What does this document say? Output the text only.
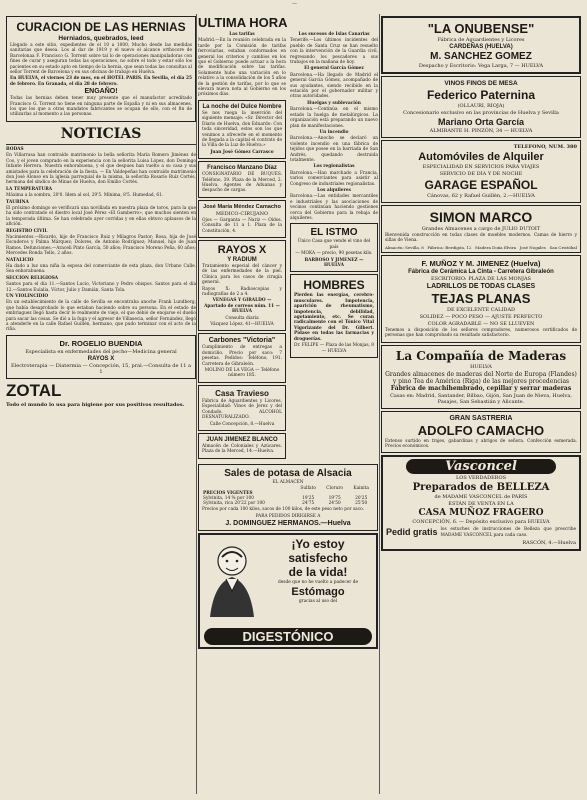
—
CURACION DE LAS HERNIAS
Herniados, quebrados, leed
Llegado a este sitio, expedientes de el 10 a 1000, Mucho desde las medidas sanitarias que desea. Los al dar de 1919 y el nuevo el alcance orthocore de Barcelonaa F. Francisco G. Torrent sobre tal lo de operaciones manipuladoras con fines de curar y aseguran todas las operaciones, no sobre el todo y estar sólo los pacientes en su estado apto en tiempo de la hernia, que sean todas las consultas al señor Torrent de Barcelona y en sus oficinas de trabajo en Huelva.
En HUELVA, el viernes 23 de mes, en el HOTEL PARIS. En Sevilla, el día 25 de febrero. En Granada, el día 28 de febrero.
ENGAÑO!
Todas las hernias deben tener muy presente que el manufactor acreditado Francisco G. Torrent no tiene en ninguna parte de España y ni en sus almacenes, los que los que a otras mandatos fabricantes se ocupan de ello, con el fin de utilizarlas al momento a las personas.
NOTICIAS
BODAS
En Villarrasa han contraído matrimonio la bella señorita María Romero Jiménez de Cos, y el joven comprado en la experiencia con la señorita Luisa López, don Domingo Infante Herrera. Nuestra enhorabuena, y el que despues han vuelto a su casa y sus amistades para la celebración de la fiesta. — En Valdepeñas han contraído matrimonio don José Alonso en la iglesia parroquial de la misma, la señorita Rosario Ruiz Cortés, hermana del síndico de Minas de Huelva, don Emilio Cortés.
LA TEMPERATURA
Máxima a la sombra, 20'0. Idem al sol, 29'5. Mínima, 8'5. Humedad, 61.
TAURINA
El próximo domingo se verificará una novillada en nuestra plaza de toros, para la que ha sido contratado el diestro local José Pérez «El Gamberro», que muchos sienten en la temporada última. Se han celebrado ayer corridas y en ellas obtuvo aplausos de la afición.
REGISTRO CIVIL
Nacimientos.—Ricardo, hijo de Francisco Ruiz y Milagros Pastor; Rosa, hija de José Escuderos y Palma Márquez; Dolores, de Antonio Rodríguez; Manuel, hijo de Juan Ramos. Defunciones.—Araceli Pinto García, 50 años; Francisco Moreno Peña, 60 años; Mercedes Ronda Tello, 2 años.
NATALICIO
Ha dado a luz una niña la esposa del comerciante de esta plaza, don Urbano Calle. Sea enhorabuena.
SECCION RELIGIOSA
Santos para el día 11.—Santos Lucio, Victoriano y Pedro obispos. Santos para el día 12.—Santos Eulalia, Víctor, Julio y Damián, Santa Tola.
UN VIOLINCIDIO
En un establecimiento de la calle de Sevilla se encontraba anoche Frank Lundberg, que había desaprobado lo que estaban haciendo sobre su persona. En el estado de embriaguez llegó hasta decir le realmente de viejo, el que debió de enojarse el dueño para sacar las cosas. Se dió a la fuga y el agresor de Villasecia, señor Fernández, llegó a atenderle en la calle Rafael Guillén, hermano, que pudo terminar con el acto de la riña.
Dr. ROGELIO BUENDIA
Especialista en enfermedades del pecho—Medicina general
RAYOS X
Electroterapia — Diatermia — Concepción, 15, pral.—Consulta de 11 a 1
ZOTAL
Todo el mundo lo usa para higiene por sus positivos resultados.
ULTIMA HORA
Las tarifas
Madrid.—En la reunión celebrada en la tarde por la Comisión de tarifas ferroviarias, estaban conformados en general los criterios y cambios en los que el Gobierno puede actuar a la hora de modificación sobre las tarifas. Solamente hubo una variación en lo relativo a la consolidación de los 5 años de la gestión de tarifas, por lo que se elevará nueva nota al Gobierno en los próximos días.
La noche del Dulce Nombre
Se nos ruega la inserción del siguiente mensaje: «Sr. Director del Diario de Huelva, don Eduardo: Con toda sinceridad, estos son los que venimos a ofrecerle en el momento de llegada a la capital el contrato de la Villa de la Luz de Huelva.»
Juan José Gómez Carrasco
Francisco Manzano Díaz
CONSIGNATARIO DE BUQUES. Teléfono, 39. Plaza de la Merced, 2. Huelva. Agentes de Aduanas y despacho de cargas.
José María Méndez Camacho
MEDICO-CIRUJANO
Ojos — Garganta — Nariz — Oídos. Consulta de 11 a 1. Plaza de la Constitución, 4.
RAYOS X
Y RADIUM
Tratamiento especial del cáncer y de las enfermedades de la piel. Clínica para los casos de cirugía general.
Rayos X: Radioscopias y radiografías de 2 a 4.
VENEGAS Y GIRALDO — Apartado de correos núm. 11 — HUELVA
Consulta diaria
Vázquez López, 41—HUELVA
Carbones "Victoria"
Cumplimiento de entregas a domicilio. Precio por saco: 7 pesetas. Pedidos: Teléfono, 191. Carretera de Gibraleón.
MOLINO DE LA VEGA — Teléfono número 185.
Casa Travieso
Fábrica de Aguardientes y Licores. Especialidad: Vinos de Jerez y del Condado. ALCOHOL DESNATURALIZADO.
Calle Concepción, 8.—Huelva
JUAN JIMENEZ BLANCO
Almacén de Coloniales y Azúcares. Plaza de la Merced, 14.—Huelva.
Los sucesos de Islas Canarias
Tenerife.—Los últimos incidentes del pueblo de Santa Cruz se han resuelto con la intervención de la Guardia civil, regresando los pescadores a sus trabajos en la mañana de hoy.
El general García Gómez
Barcelona.—Ha llegado de Madrid el general García Gómez, acompañado de sus ayudantes, siendo recibido en la estación por el gobernador militar y otras autoridades.
Huelgas y sublevación
Barcelona.—Continúa en el mismo estado la huelga de metalúrgicos. La organización está preparando un nuevo plan de manifestaciones.
Un incendio
Barcelona.—Anoche se declaró un violento incendio en una fábrica de tejidos que posee en la barriada de San Andrés, quedando destruida totalmente.
Los regionalistas
Barcelona.—Han marchado a Francia, varios comerciantes para asistir al Congreso de industriales regionalistas.
Los alquileres
Barcelona.—Las entidades mercantiles e industriales y las asociaciones de vecinos continúan haciendo gestiones cerca del Gobierno para la rebaja de alquileres.
EL ISTMO
Único Casa que vende el vino del país
— MOKA — precio, 90 pesetas kilo.
BARROSO Y JIMENEZ — HUELVA
HOMBRES
Pierden las energías, cerebro-musculares. Impotencia, aparición de rheumatismo, impotencia, debilidad, agotamiento, etc. Se curan radicalmente con el Tónico Vital Vigorizante del Dr. Gilbert. Pídase en todas las farmacias y droguerías.
Dr. FELIPE — Plaza de las Monjas, 8 — HUELVA
Sales de potasa de Alsacia
EL ALMACÉN
	Sulfato	Cloruro	Kainita
PRECIOS VIGENTES			
Sylvinita, 14 % por 100	19'25	19'75	20'25
Sylvinita, rica 20'22 por 100	24'75	24'50	25'50
Precios por cada 100 kilos, sacos de 100 kilos, de este peso neto por saco.
PARA PEDIDOS DIRIGIRSE A
J. DOMINGUEZ HERMANOS.—Huelva
¡Yo estoy
satisfecho
de la vida!
desde que no he vuelto a padecer de
Estómago
gracias al uso del
DIGESTÓNICO
"LA ONUBENSE"
Fábrica de Aguardientes y Licores
CARDEÑAS (HUELVA)
M. SANCHEZ GOMEZ
Despacho y Escritorio: Vega Larga, 7 — HUELVA
VINOS FINOS DE MESA
Federico Paternina
(OLLAURI, RIOJA)
Concesionario exclusivo en las provincias de Huelva y Sevilla
Mariano Orta García
ALMIRANTE H. PINZÓN, 34 — HUELVA
TELEFONO, NUM. 380
Automóviles de Alquiler
ESPECIALIDAD EN SERVICIOS PARA VIAJES
SERVICIO DE DÍA Y DE NOCHE
GARAGE ESPAÑOL
Cánovas, 62 y Rafael Guillén, 2.—HUELVA
SIMON MARCO
Grandes Almacenes a cargo de JULIO DUTOIT
Bienvenida construcción en todas clases de muebles modernos. Camas de hierro y sillas de Viena.
Almacén: Sevilla, 8 Fábrica: Berdigón, 12 Madera Doña Elvira José Nogales San Cristóbal
F. MUÑOZ Y M. JIMENEZ (Huelva)
Fábrica de Cerámica La Cinta - Carretera Gibraleón
ESCRITORIO: PLAZA DE LAS MONJAS
LADRILLOS DE TODAS CLASES
TEJAS PLANAS
DE EXCELENTE CALIDAD
SOLIDEZ — POCO PESO — AJUSTE PERFECTO
COLOR AGRADABLE — NO SE LLUEVEN
Tenemos a disposición de los señores compradores, numerosos certificados de personas que han comprobado su resultado satisfactorio.
La Compañía de Maderas
HUELVA
Grandes almacenes de maderas del Norte de Europa (Flandes) y pino Tea de América (Riga) de las mejores procedencias
Fábrica de machihembrado, cepillar y serrar maderas
Casas en: Madrid, Santander, Bilbao, Gijón, San Juan de Nieva, Huelva, Pasajes, San Sebastián y Alicante.
GRAN SASTRERIA
ADOLFO CAMACHO
Extenso surtido en trajes, gabardinas y abrigos de señora. Confección esmerada. Precios económicos.
Vasconcel
LOS VERDADEROS
Preparados de BELLEZA
de MADAME VASCONCEL de PARÍS
ESTÁN DE VENTA EN LA
CASA MUÑOZ FRAGERO
CONCEPCIÓN, 6. — Depósito exclusivo para HUELVA
Pedid gratis los estuches de instrucciones de Belleza que prescribe MADAME VASCONCEL para cada caso.
RASCÓN, 4.—Huelva
